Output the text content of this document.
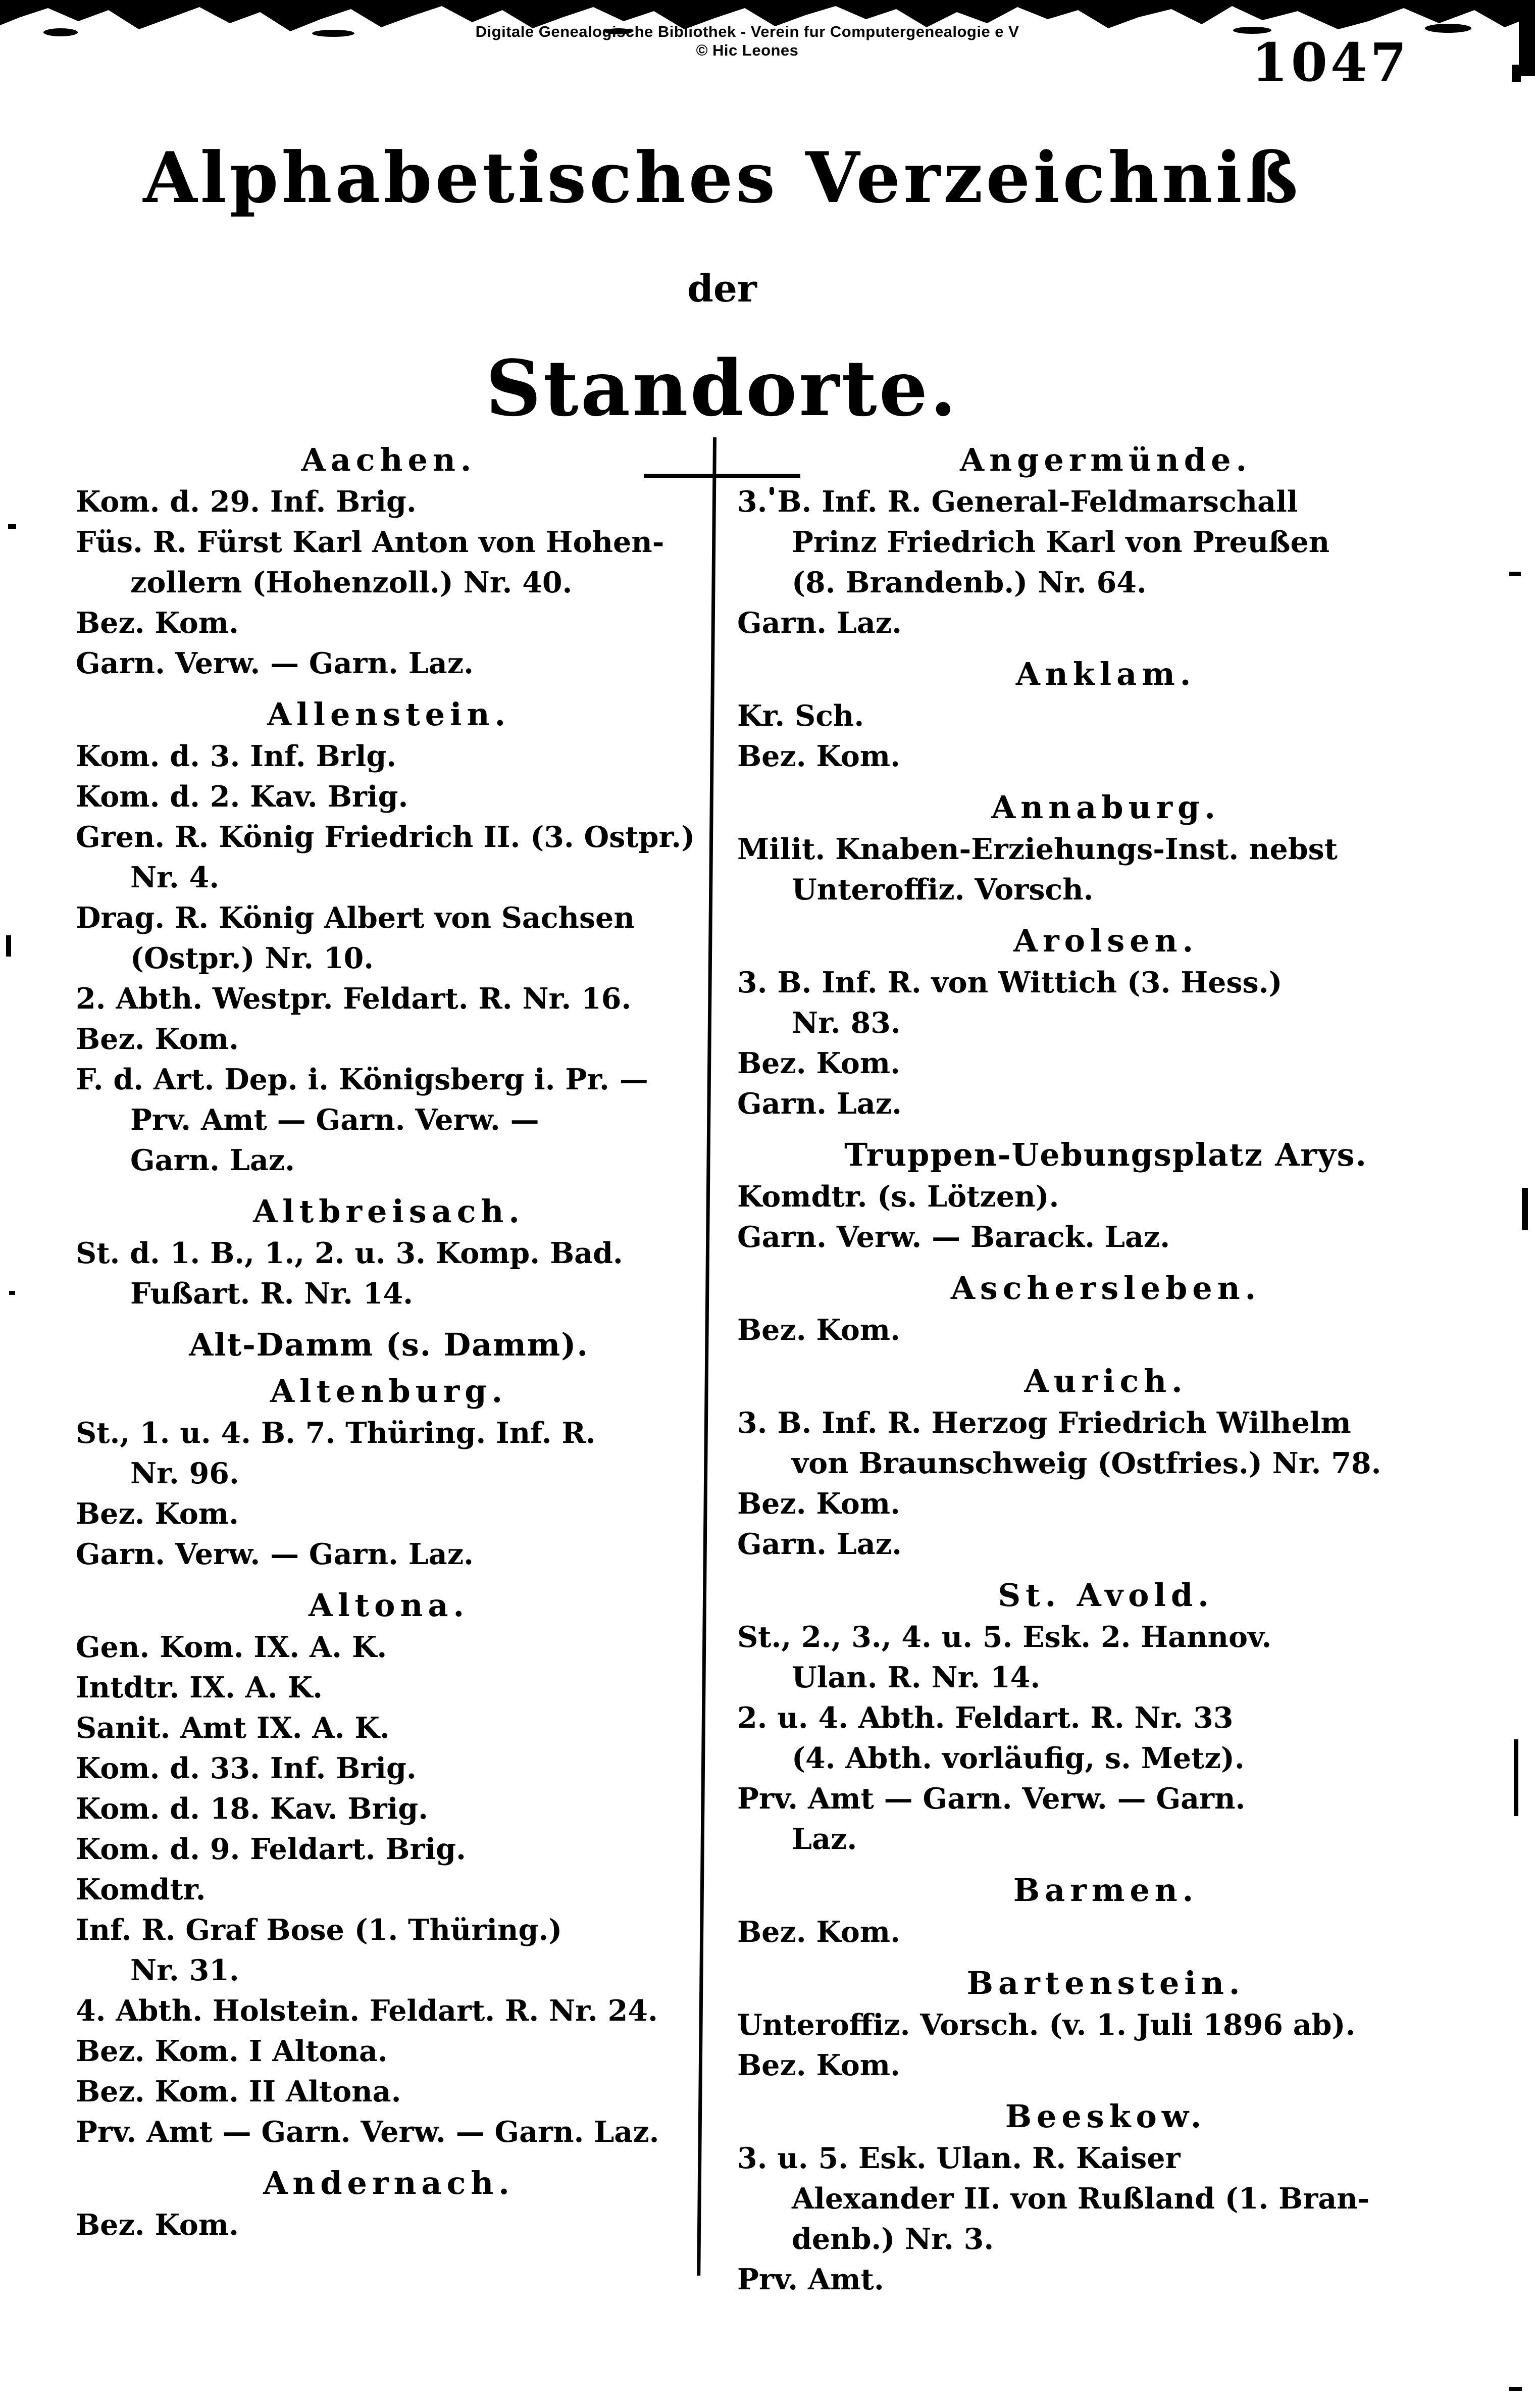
Digitale Genealogische Bibliothek - Verein fur Computergenealogie e V
© Hic Leones	1047
Alphabetisches Verzeichniß
der
Standorte.
Aachen.
Kom. d. 29. Inf. Brig.
Füs. R. Fürst Karl Anton von Hohen-
zollern (Hohenzoll.) Nr. 40.
Bez. Kom.
Garn. Verw. — Garn. Laz.
Allenstein.
Kom. d. 3. Inf. Brlg.
Kom. d. 2. Kav. Brig.
Gren. R. König Friedrich II. (3. Ostpr.)
Nr. 4.
Drag. R. König Albert von Sachsen
(Ostpr.) Nr. 10.
2. Abth. Westpr. Feldart. R. Nr. 16.
Bez. Kom.
F. d. Art. Dep. i. Königsberg i. Pr. —
Prv. Amt — Garn. Verw. —
Garn. Laz.
Altbreisach.
St. d. 1. B., 1., 2. u. 3. Komp. Bad.
Fußart. R. Nr. 14.
Alt-Damm (s. Damm).
Altenburg.
St., 1. u. 4. B. 7. Thüring. Inf. R.
Nr. 96.
Bez. Kom.
Garn. Verw. — Garn. Laz.
Altona.
Gen. Kom. IX. A. K.
Intdtr. IX. A. K.
Sanit. Amt IX. A. K.
Kom. d. 33. Inf. Brig.
Kom. d. 18. Kav. Brig.
Kom. d. 9. Feldart. Brig.
Komdtr.
Inf. R. Graf Bose (1. Thüring.)
Nr. 31.
4. Abth. Holstein. Feldart. R. Nr. 24.
Bez. Kom. I Altona.
Bez. Kom. II Altona.
Prv. Amt — Garn. Verw. — Garn. Laz.
Andernach.
Bez. Kom.
Angermünde.
3. B. Inf. R. General-Feldmarschall
Prinz Friedrich Karl von Preußen
(8. Brandenb.) Nr. 64.
Garn. Laz.
Anklam.
Kr. Sch.
Bez. Kom.
Annaburg.
Milit. Knaben-Erziehungs-Inst. nebst
Unteroffiz. Vorsch.
Arolsen.
3. B. Inf. R. von Wittich (3. Hess.)
Nr. 83.
Bez. Kom.
Garn. Laz.
Truppen-Uebungsplatz Arys.
Komdtr. (s. Lötzen).
Garn. Verw. — Barack. Laz.
Aschersleben.
Bez. Kom.
Aurich.
3. B. Inf. R. Herzog Friedrich Wilhelm
von Braunschweig (Ostfries.) Nr. 78.
Bez. Kom.
Garn. Laz.
St. Avold.
St., 2., 3., 4. u. 5. Esk. 2. Hannov.
Ulan. R. Nr. 14.
2. u. 4. Abth. Feldart. R. Nr. 33
(4. Abth. vorläufig, s. Metz).
Prv. Amt — Garn. Verw. — Garn.
Laz.
Barmen.
Bez. Kom.
Bartenstein.
Unteroffiz. Vorsch. (v. 1. Juli 1896 ab).
Bez. Kom.
Beeskow.
3. u. 5. Esk. Ulan. R. Kaiser
Alexander II. von Rußland (1. Bran-
denb.) Nr. 3.
Prv. Amt.
